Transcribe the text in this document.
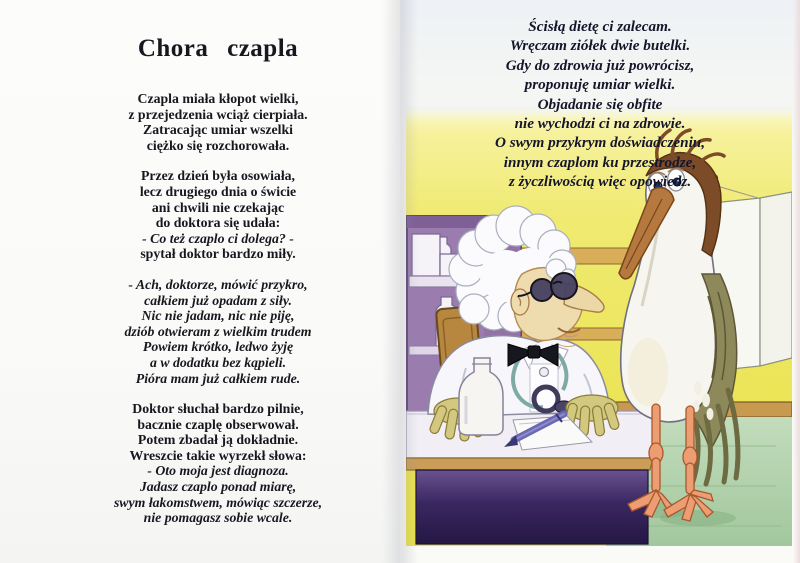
Chora czapla
Czapla miała kłopot wielki,
z przejedzenia wciąż cierpiała.
Zatracając umiar wszelki
ciężko się rozchorowała.
Przez dzień była osowiała,
lecz drugiego dnia o świcie
ani chwili nie czekając
do doktora się udała:
- Co też czaplo ci dolega? -
spytał doktor bardzo miły.
- Ach, doktorze, mówić przykro,
całkiem już opadam z siły.
Nic nie jadam, nic nie piję,
dziób otwieram z wielkim trudem
Powiem krótko, ledwo żyję
a w dodatku bez kąpieli.
Pióra mam już całkiem rude.
Doktor słuchał bardzo pilnie,
bacznie czaplę obserwował.
Potem zbadał ją dokładnie.
Wreszcie takie wyrzekł słowa:
- Oto moja jest diagnoza.
Jadasz czaplo ponad miarę,
swym łakomstwem, mówiąc szczerze,
nie pomagasz sobie wcale.
Ścisłą dietę ci zalecam.
Wręczam ziółek dwie butelki.
Gdy do zdrowia już powrócisz,
proponuję umiar wielki.
Objadanie się obfite
nie wychodzi ci na zdrowie.
O swym przykrym doświadczeniu,
innym czaplom ku przestrodze,
z życzliwością więc opowiedz.
